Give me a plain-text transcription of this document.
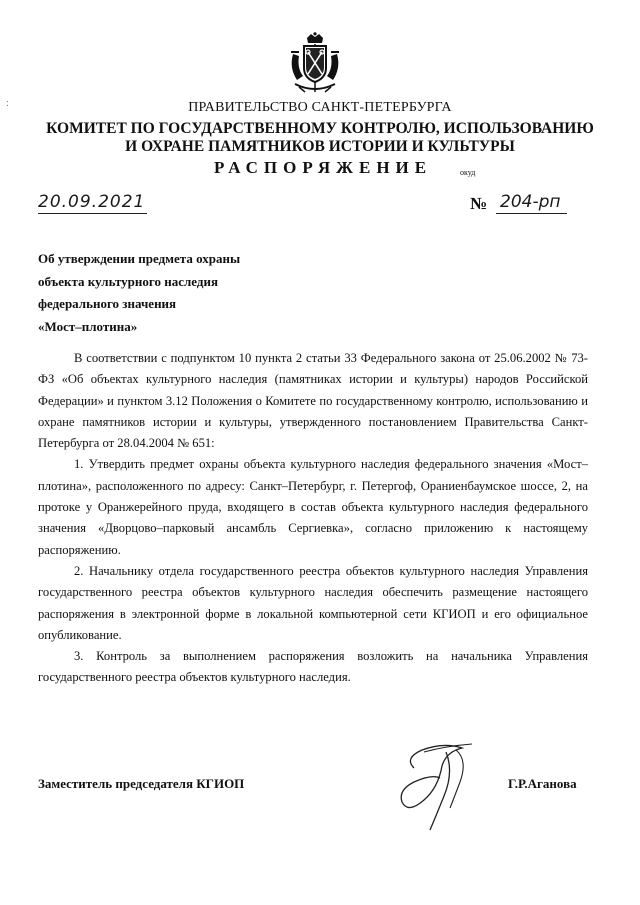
:	ПРАВИТЕЛЬСТВО САНКТ-ПЕТЕРБУРГА
КОМИТЕТ ПО ГОСУДАРСТВЕННОМУ КОНТРОЛЮ, ИСПОЛЬЗОВАНИЮ
И ОХРАНЕ ПАМЯТНИКОВ ИСТОРИИ И КУЛЬТУРЫ
РАСПОРЯЖЕНИЕ	окуд
20.09.2021	№ 204-рп
Об утверждении предмета охраны
объекта культурного наследия
федерального значения
«Мост–плотина»

В соответствии с подпунктом 10 пункта 2 статьи 33 Федерального закона от 25.06.2002 № 73-ФЗ «Об объектах культурного наследия (памятниках истории и культуры) народов Российской Федерации» и пунктом 3.12 Положения о Комитете по государственному контролю, использованию и охране памятников истории и культуры, утвержденного постановлением Правительства Санкт-Петербурга от 28.04.2004 № 651:

1. Утвердить предмет охраны объекта культурного наследия федерального значения «Мост–плотина», расположенного по адресу: Санкт–Петербург, г. Петергоф, Ораниенбаумское шоссе, 2, на протоке у Оранжерейного пруда, входящего в состав объекта культурного наследия федерального значения «Дворцово–парковый ансамбль Сергиевка», согласно приложению к настоящему распоряжению.

2. Начальнику отдела государственного реестра объектов культурного наследия Управления государственного реестра объектов культурного наследия обеспечить размещение настоящего распоряжения в электронной форме в локальной компьютерной сети КГИОП и его официальное опубликование.

3. Контроль за выполнением распоряжения возложить на начальника Управления государственного реестра объектов культурного наследия.

Заместитель председателя КГИОП	Г.Р.Аганова
